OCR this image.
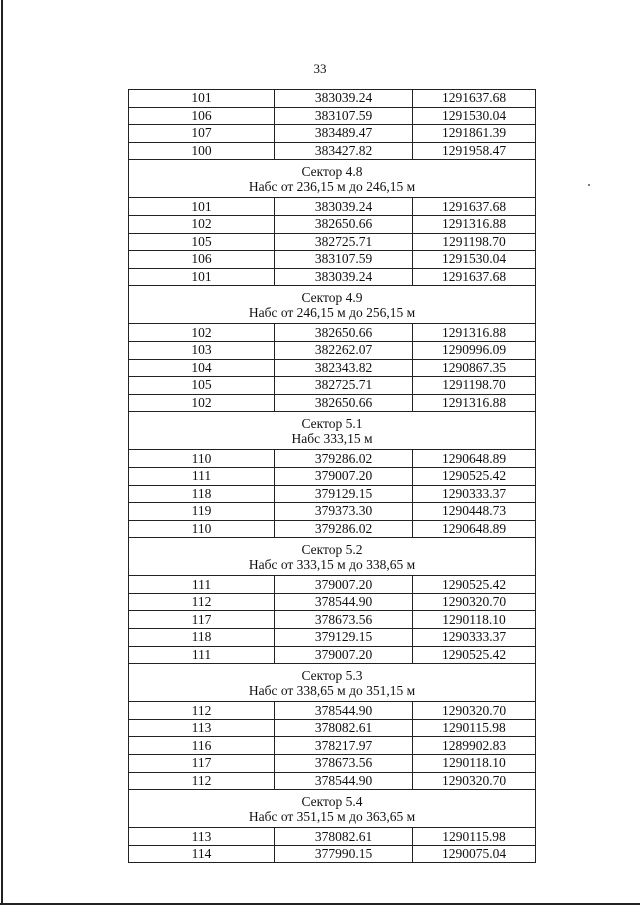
33
101	383039.24	1291637.68
106	383107.59	1291530.04
107	383489.47	1291861.39
100	383427.82	1291958.47

Сектор 4.8
Набс от 236,15 м до 246,15 м		

101	383039.24	1291637.68
102	382650.66	1291316.88
105	382725.71	1291198.70
106	383107.59	1291530.04
101	383039.24	1291637.68

Сектор 4.9
Набс от 246,15 м до 256,15 м		

102	382650.66	1291316.88
103	382262.07	1290996.09
104	382343.82	1290867.35
105	382725.71	1291198.70
102	382650.66	1291316.88

Сектор 5.1
Набс 333,15 м		

110	379286.02	1290648.89
111	379007.20	1290525.42
118	379129.15	1290333.37
119	379373.30	1290448.73
110	379286.02	1290648.89

Сектор 5.2
Набс от 333,15 м до 338,65 м		

111	379007.20	1290525.42
112	378544.90	1290320.70
117	378673.56	1290118.10
118	379129.15	1290333.37
111	379007.20	1290525.42

Сектор 5.3
Набс от 338,65 м до 351,15 м		

112	378544.90	1290320.70
113	378082.61	1290115.98
116	378217.97	1289902.83
117	378673.56	1290118.10
112	378544.90	1290320.70

Сектор 5.4
Набс от 351,15 м до 363,65 м		

113	378082.61	1290115.98
114	377990.15	1290075.04
